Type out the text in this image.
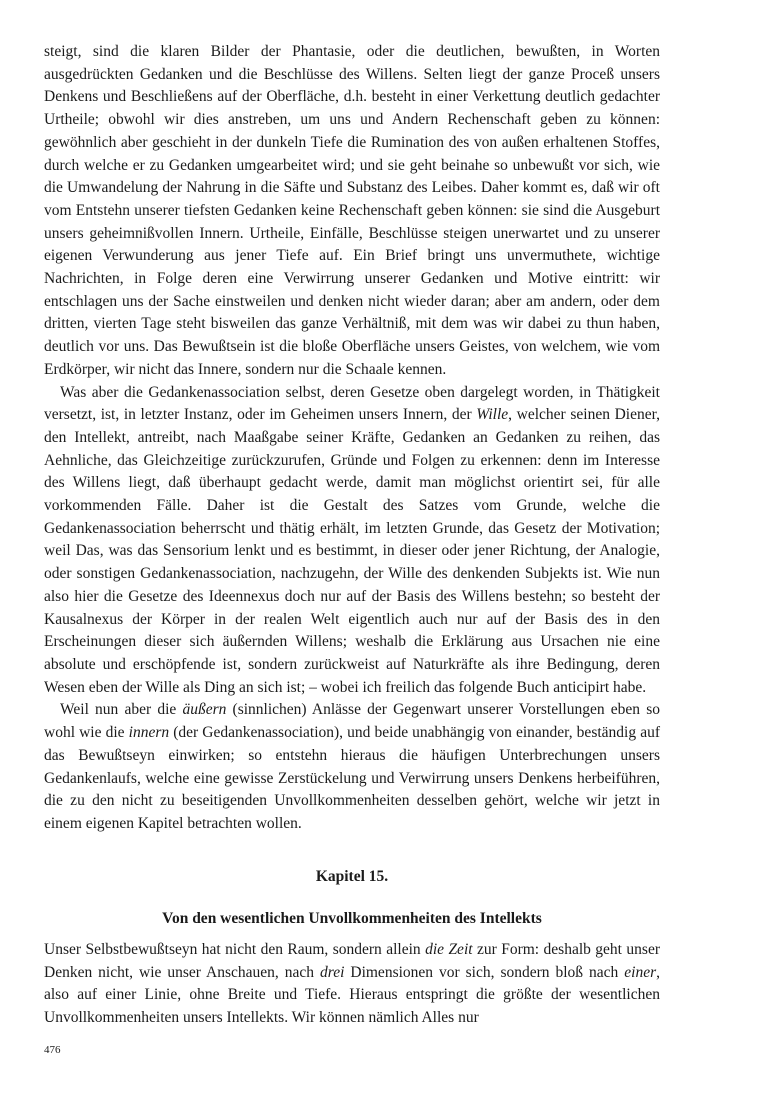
steigt, sind die klaren Bilder der Phantasie, oder die deutlichen, bewußten, in Worten ausgedrückten Gedanken und die Beschlüsse des Willens. Selten liegt der ganze Proceß unsers Denkens und Beschließens auf der Oberfläche, d.h. besteht in einer Verkettung deutlich gedachter Urtheile; obwohl wir dies anstreben, um uns und Andern Rechenschaft geben zu können: gewöhnlich aber geschieht in der dunkeln Tiefe die Rumination des von außen erhaltenen Stoffes, durch welche er zu Gedanken umgearbeitet wird; und sie geht beinahe so unbewußt vor sich, wie die Umwandelung der Nahrung in die Säfte und Substanz des Leibes. Daher kommt es, daß wir oft vom Entstehn unserer tiefsten Gedanken keine Rechenschaft geben können: sie sind die Ausgeburt unsers geheimnißvollen Innern. Urtheile, Einfälle, Beschlüsse steigen unerwartet und zu unserer eigenen Verwunderung aus jener Tiefe auf. Ein Brief bringt uns unvermuthete, wichtige Nachrichten, in Folge deren eine Verwirrung unserer Gedanken und Motive eintritt: wir entschlagen uns der Sache einstweilen und denken nicht wieder daran; aber am andern, oder dem dritten, vierten Tage steht bisweilen das ganze Verhältniß, mit dem was wir dabei zu thun haben, deutlich vor uns. Das Bewußtsein ist die bloße Oberfläche unsers Geistes, von welchem, wie vom Erdkörper, wir nicht das Innere, sondern nur die Schaale kennen.

Was aber die Gedankenassociation selbst, deren Gesetze oben dargelegt worden, in Thätigkeit versetzt, ist, in letzter Instanz, oder im Geheimen unsers Innern, der Wille, welcher seinen Diener, den Intellekt, antreibt, nach Maaßgabe seiner Kräfte, Gedanken an Gedanken zu reihen, das Aehnliche, das Gleichzeitige zurückzurufen, Gründe und Folgen zu erkennen: denn im Interesse des Willens liegt, daß überhaupt gedacht werde, damit man möglichst orientirt sei, für alle vorkommenden Fälle. Daher ist die Gestalt des Satzes vom Grunde, welche die Gedankenassociation beherrscht und thätig erhält, im letzten Grunde, das Gesetz der Motivation; weil Das, was das Sensorium lenkt und es bestimmt, in dieser oder jener Richtung, der Analogie, oder sonstigen Gedankenassociation, nachzugehn, der Wille des denkenden Subjekts ist. Wie nun also hier die Gesetze des Ideennexus doch nur auf der Basis des Willens bestehn; so besteht der Kausalnexus der Körper in der realen Welt eigentlich auch nur auf der Basis des in den Erscheinungen dieser sich äußernden Willens; weshalb die Erklärung aus Ursachen nie eine absolute und erschöpfende ist, sondern zurückweist auf Naturkräfte als ihre Bedingung, deren Wesen eben der Wille als Ding an sich ist; – wobei ich freilich das folgende Buch anticipirt habe.

Weil nun aber die äußern (sinnlichen) Anlässe der Gegenwart unserer Vorstellungen eben so wohl wie die innern (der Gedankenassociation), und beide unabhängig von einander, beständig auf das Bewußtseyn einwirken; so entstehn hieraus die häufigen Unterbrechungen unsers Gedankenlaufs, welche eine gewisse Zerstückelung und Verwirrung unsers Denkens herbeiführen, die zu den nicht zu beseitigenden Unvollkommenheiten desselben gehört, welche wir jetzt in einem eigenen Kapitel betrachten wollen.

Kapitel 15.
Von den wesentlichen Unvollkommenheiten des Intellekts

Unser Selbstbewußtseyn hat nicht den Raum, sondern allein die Zeit zur Form: deshalb geht unser Denken nicht, wie unser Anschauen, nach drei Dimensionen vor sich, sondern bloß nach einer, also auf einer Linie, ohne Breite und Tiefe. Hieraus entspringt die größte der wesentlichen Unvollkommenheiten unsers Intellekts. Wir können nämlich Alles nur

476
